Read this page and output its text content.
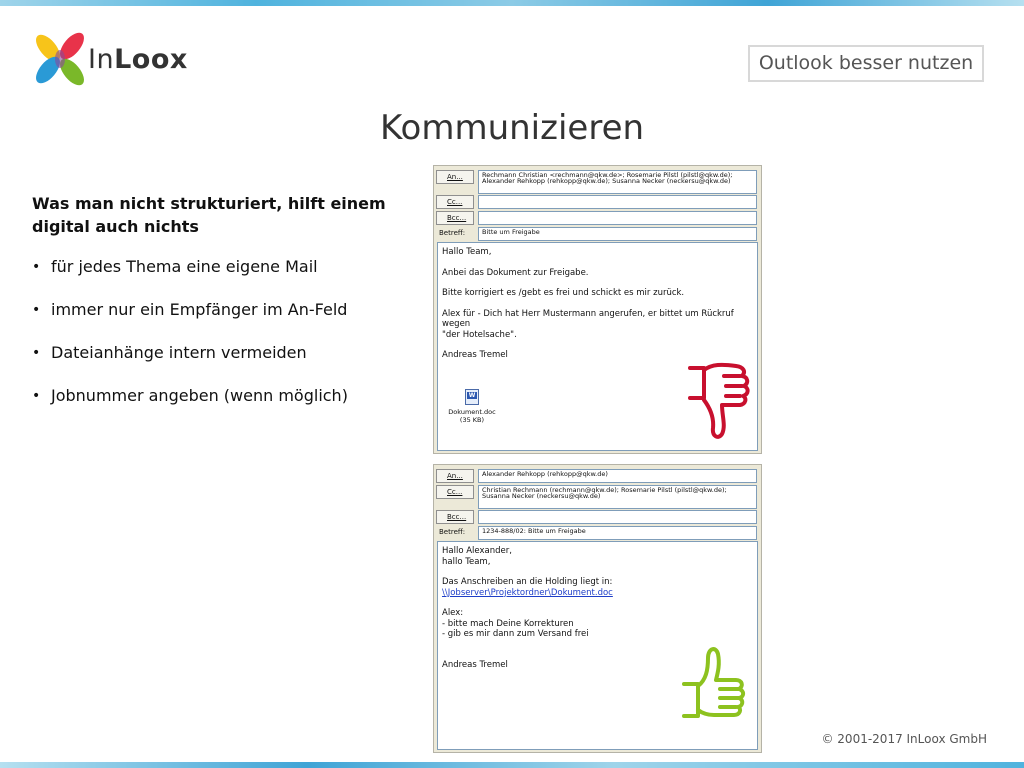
InLoox	Outlook besser nutzen
Kommunizieren
Was man nicht strukturiert, hilft einem digital auch nichts
• für jedes Thema eine eigene Mail
• immer nur ein Empfänger im An-Feld
• Dateianhänge intern vermeiden
• Jobnummer angeben (wenn möglich)
An...	Rechmann Christian <rechmann@qkw.de>; Rosemarie Pilstl (pilstl@qkw.de);
Alexander Rehkopp (rehkopp@qkw.de); Susanna Necker (neckersu@qkw.de)
Cc...
Bcc...
Betreff:	Bitte um Freigabe
Hallo Team,
Anbei das Dokument zur Freigabe.
Bitte korrigiert es /gebt es frei und schickt es mir zurück.
Alex für - Dich hat Herr Mustermann angerufen, er bittet um Rückruf wegen
"der Hotelsache".
Andreas Tremel
W
Dokument.doc (35 KB)
An...	Alexander Rehkopp (rehkopp@qkw.de)
Cc...	Christian Rechmann (rechmann@qkw.de); Rosemarie Pilstl (pilstl@qkw.de);
Susanna Necker (neckersu@qkw.de)
Bcc...
Betreff:	1234-888/02: Bitte um Freigabe
Hallo Alexander,
hallo Team,
Das Anschreiben an die Holding liegt in:
\\Jobserver\Projektordner\Dokument.doc
Alex:
- bitte mach Deine Korrekturen
- gib es mir dann zum Versand frei
Andreas Tremel
© 2001-2017 InLoox GmbH
